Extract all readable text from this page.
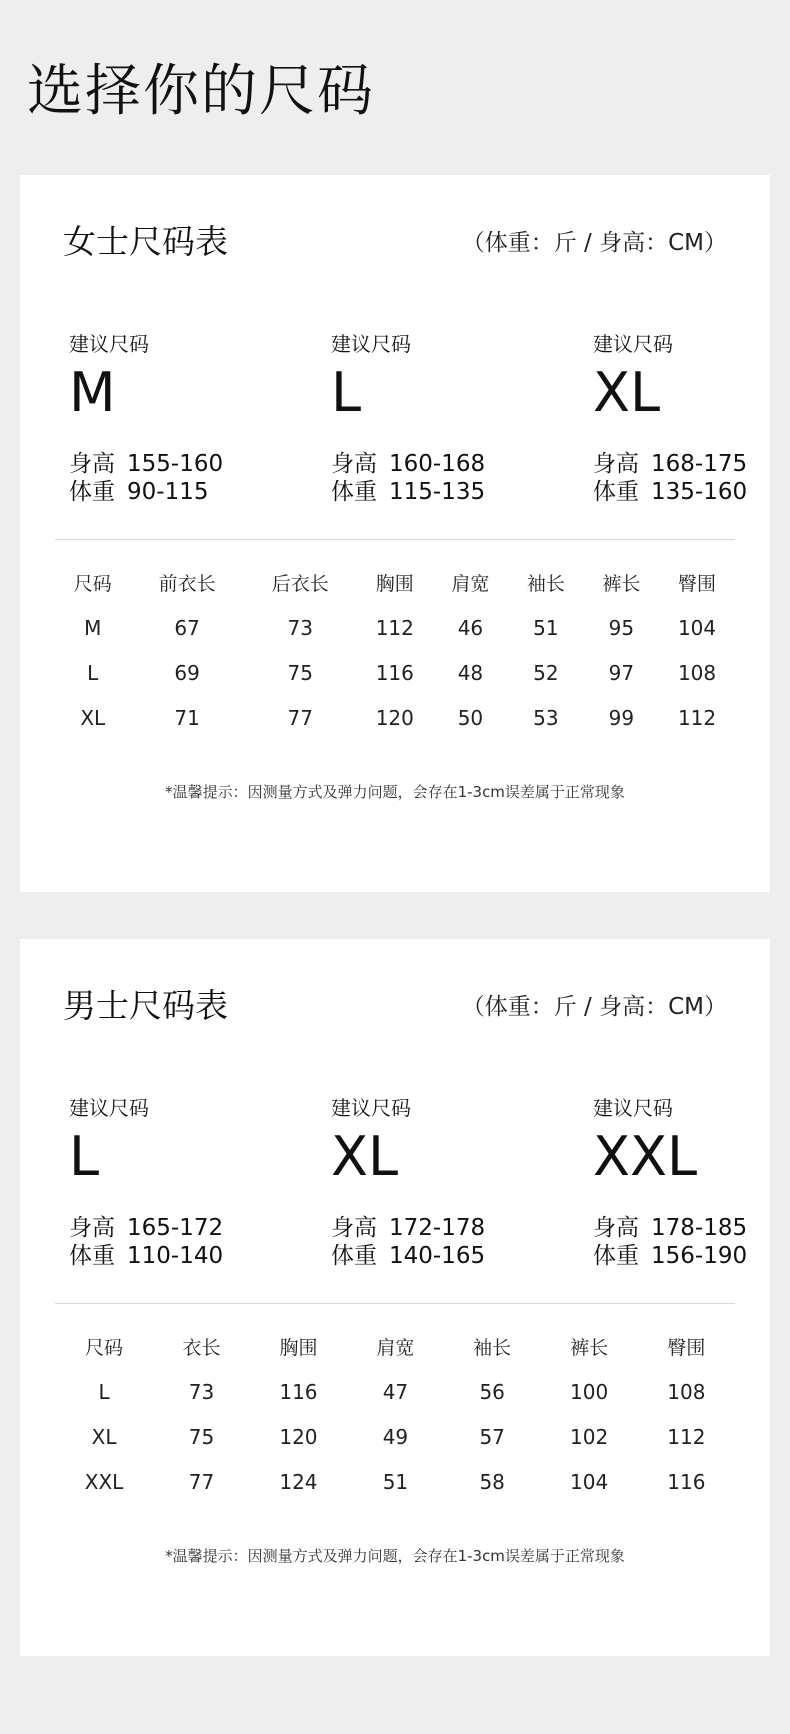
选择你的尺码
女士尺码表	（体重：斤 / 身高：CM）
建议尺码
M
身高 155-160
体重 90-115
建议尺码
L
身高 160-168
体重 115-135
建议尺码
XL
身高 168-175
体重 135-160
尺码	前衣长	后衣长	胸围	肩宽	袖长	裤长	臀围
M	67	73	112	46	51	95	104
L	69	75	116	48	52	97	108
XL	71	77	120	50	53	99	112
*温馨提示：因测量方式及弹力问题，会存在1-3cm误差属于正常现象
男士尺码表	（体重：斤 / 身高：CM）
建议尺码
L
身高 165-172
体重 110-140
建议尺码
XL
身高 172-178
体重 140-165
建议尺码
XXL
身高 178-185
体重 156-190
尺码	衣长	胸围	肩宽	袖长	裤长	臀围
L	73	116	47	56	100	108
XL	75	120	49	57	102	112
XXL	77	124	51	58	104	116
*温馨提示：因测量方式及弹力问题，会存在1-3cm误差属于正常现象
